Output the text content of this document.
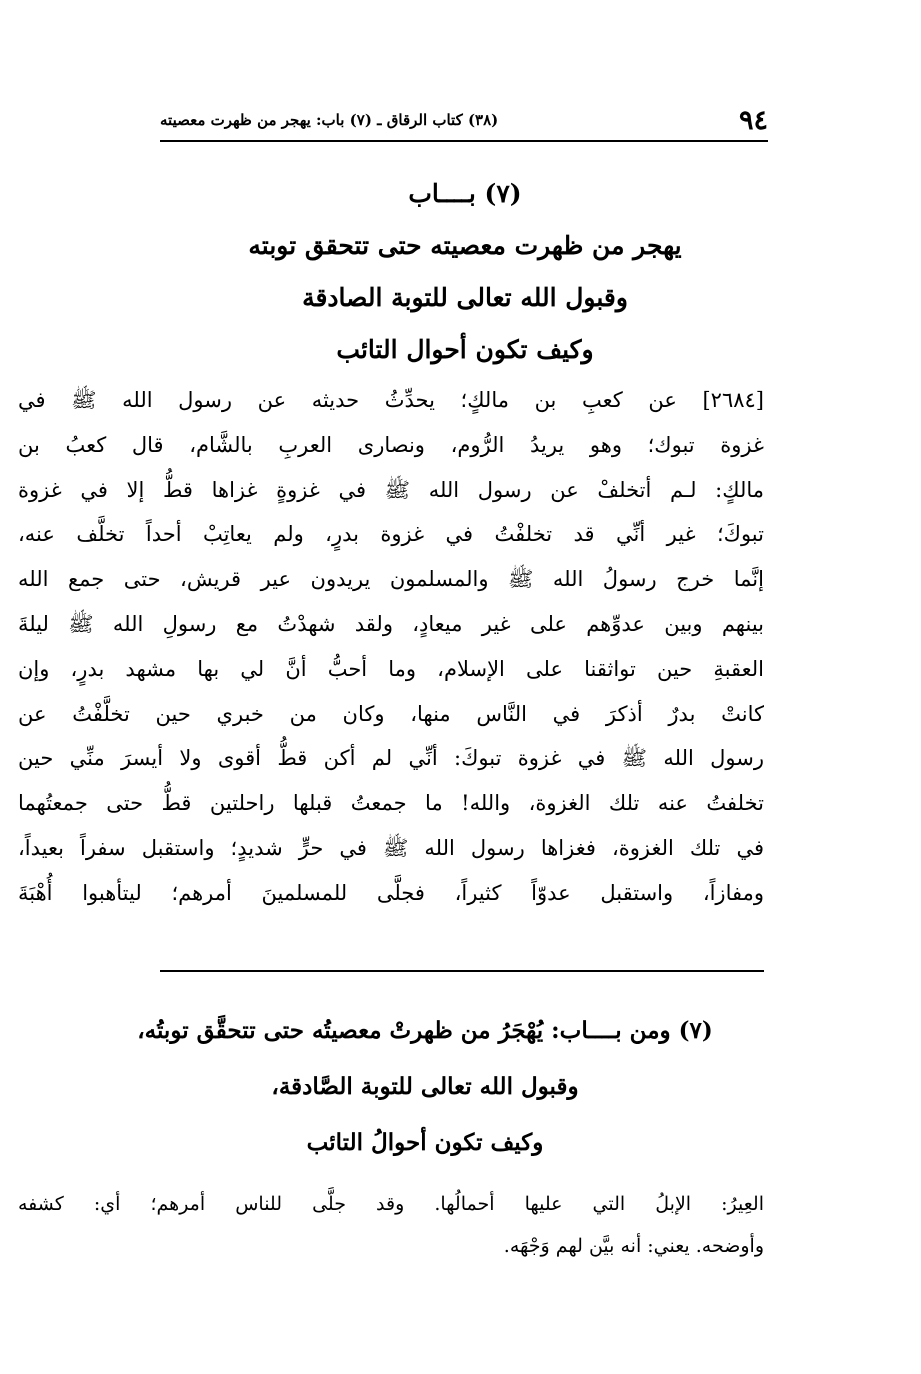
٩٤
(٣٨) كتاب الرقاق ـ (٧) باب: يهجر من ظهرت معصيته
(٧) بــــاب
يهجر من ظهرت معصيته حتى تتحقق توبته
وقبول الله تعالى للتوبة الصادقة
وكيف تكون أحوال التائب
[٢٦٨٤] عن كعبِ بن مالكٍ؛ يحدِّثُ حديثه عن رسول الله ﷺ في
غزوة تبوك؛ وهو يريدُ الرُّوم، ونصارى العربِ بالشَّام، قال كعبُ بن
مالكٍ: لـم أتخلفْ عن رسول الله ﷺ في غزوةٍ غزاها قطُّ إلا في غزوة
تبوكَ؛ غير أنِّي قد تخلفْتُ في غزوة بدرٍ، ولم يعاتِبْ أحداً تخلَّف عنه،
إنَّما خرج رسولُ الله ﷺ والمسلمون يريدون عير قريش، حتى جمع الله
بينهم وبين عدوِّهم على غير ميعادٍ، ولقد شهدْتُ مع رسولِ الله ﷺ ليلةَ
العقبةِ حين تواثقنا على الإسلام، وما أحبُّ أنَّ لي بها مشهد بدرٍ، وإن
كانتْ بدرٌ أذكرَ في النَّاس منها، وكان من خبري حين تخلَّفْتُ عن
رسول الله ﷺ في غزوة تبوكَ: أنِّي لم أكن قطُّ أقوى ولا أيسرَ منِّي حين
تخلفتُ عنه تلك الغزوة، والله! ما جمعتُ قبلها راحلتين قطُّ حتى جمعتُهما
في تلك الغزوة، فغزاها رسول الله ﷺ في حرٍّ شديدٍ؛ واستقبل سفراً بعيداً،
ومفازاً، واستقبل عدوّاً كثيراً، فجلَّى للمسلمينَ أمرهم؛ ليتأهبوا أُهْبَةَ
(٧) ومن بــــاب: يُهْجَرُ من ظهرتْ معصيتُه حتى تتحقَّق توبتُه،
وقبول الله تعالى للتوبة الصَّادقة،
وكيف تكون أحوالُ التائب
العِيرُ: الإبلُ التي عليها أحمالُها. وقد جلَّى للناس أمرهم؛ أي: كشفه
وأوضحه. يعني: أنه بيَّن لهم وَجْهَه.
